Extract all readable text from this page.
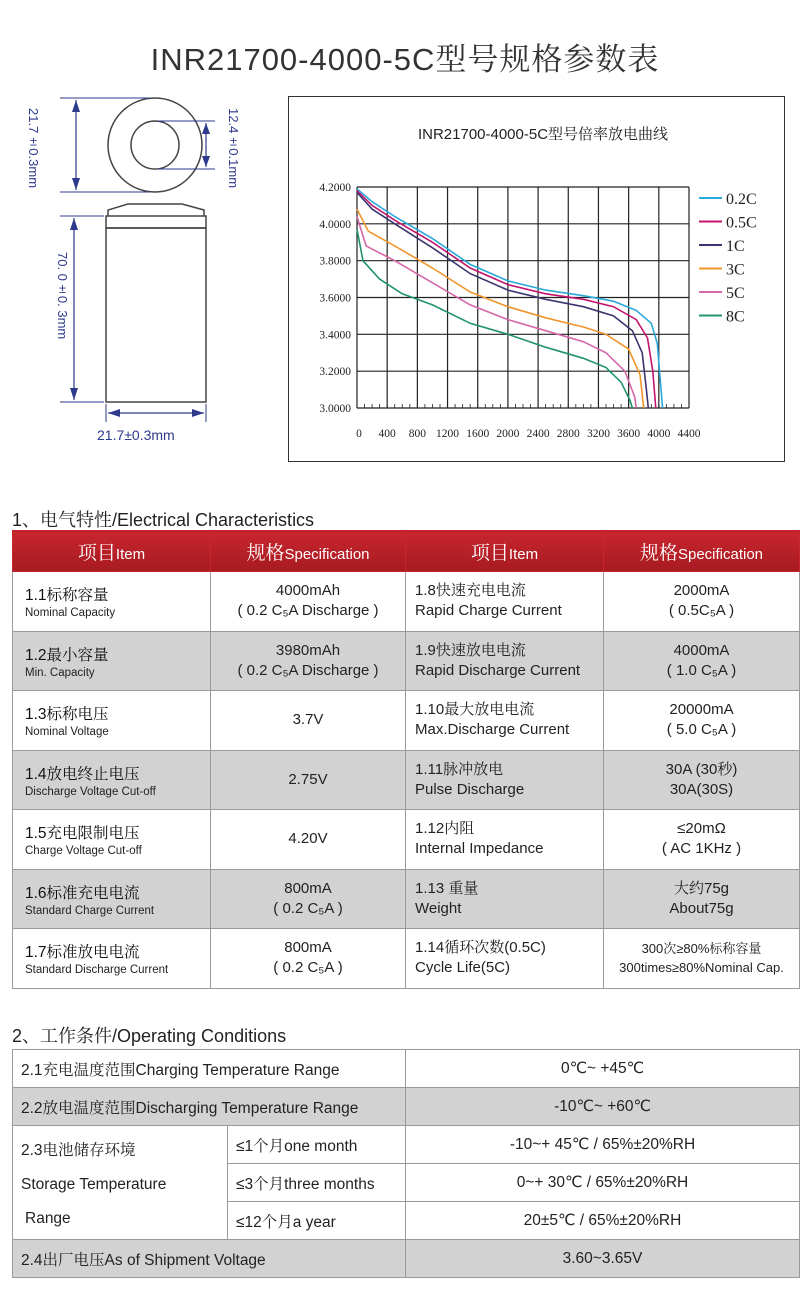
INR21700-4000-5C型号规格参数表
21.7±0.3mm	12.4±0.1mm
70. 0±0. 3mm
21.7±0.3mm
INR21700-4000-5C型号倍率放电曲线
0 400 800 1200 1600 2000 2400 2800 3200 3600 4000 4400
3.0000
3.2000
3.4000
3.6000
3.8000
4.0000
4.2000
0.2C
0.5C
1C
3C
5C
8C
1、电气特性/Electrical Characteristics
项目Item	规格Specification	项目Item	规格Specification

1.1标称容量
Nominal Capacity	4000mAh
( 0.2 C₅A Discharge )	1.8快速充电电流
Rapid Charge Current	2000mA
( 0.5C₅A )

1.2最小容量
Min. Capacity	3980mAh
( 0.2 C₅A Discharge )	1.9快速放电电流
Rapid Discharge Current	4000mA
( 1.0 C₅A )

1.3标称电压
Nominal Voltage	3.7V	1.10最大放电电流
Max.Discharge Current	20000mA
( 5.0 C₅A )

1.4放电终止电压
Discharge Voltage Cut-off	2.75V	1.11脉冲放电
Pulse Discharge	30A (30秒)
30A(30S)

1.5充电限制电压
Charge Voltage Cut-off	4.20V	1.12内阻
Internal Impedance	≤20mΩ
( AC 1KHz )

1.6标准充电电流
Standard Charge Current	800mA
( 0.2 C₅A )	1.13 重量
Weight	大约75g
About75g

1.7标准放电电流
Standard Discharge Current	800mA
( 0.2 C₅A )	1.14循环次数(0.5C)
Cycle Life(5C)	300次≥80%标称容量
300times≥80%Nominal Cap.
2、工作条件/Operating Conditions
2.1充电温度范围Charging Temperature Range		0℃~ +45℃
2.2放电温度范围Discharging Temperature Range		-10℃~ +60℃

2.3电池储存环境
Storage Temperature
Range	≤1个月one month	-10~+ 45℃ / 65%±20%RH
	≤3个月three months	0~+ 30℃ / 65%±20%RH
	≤12个月a year	20±5℃ / 65%±20%RH
2.4出厂电压As of Shipment Voltage		3.60~3.65V
